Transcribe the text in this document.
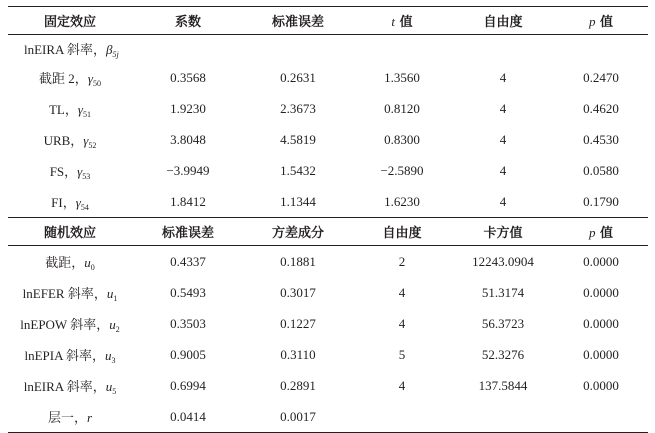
固定效应	系数	标准误差	t 值	自由度	p 值
lnEIRA 斜率，$\beta_{5j}$					
截距 2，$\gamma_{50}$	0.3568	0.2631	1.3560	4	0.2470
TL，$\gamma_{51}$	1.9230	2.3673	0.8120	4	0.4620
URB，$\gamma_{52}$	3.8048	4.5819	0.8300	4	0.4530
FS，$\gamma_{53}$	−3.9949	1.5432	−2.5890	4	0.0580
FI，$\gamma_{54}$	1.8412	1.1344	1.6230	4	0.1790
随机效应	标准误差	方差成分	自由度	卡方值	p 值
截距，$u_0$	0.4337	0.1881	2	12243.0904	0.0000
lnEFER 斜率，$u_1$	0.5493	0.3017	4	51.3174	0.0000
lnEPOW 斜率，$u_2$	0.3503	0.1227	4	56.3723	0.0000
lnEPIA 斜率，$u_3$	0.9005	0.3110	5	52.3276	0.0000
lnEIRA 斜率，$u_5$	0.6994	0.2891	4	137.5844	0.0000
层一，r	0.0414	0.0017			
